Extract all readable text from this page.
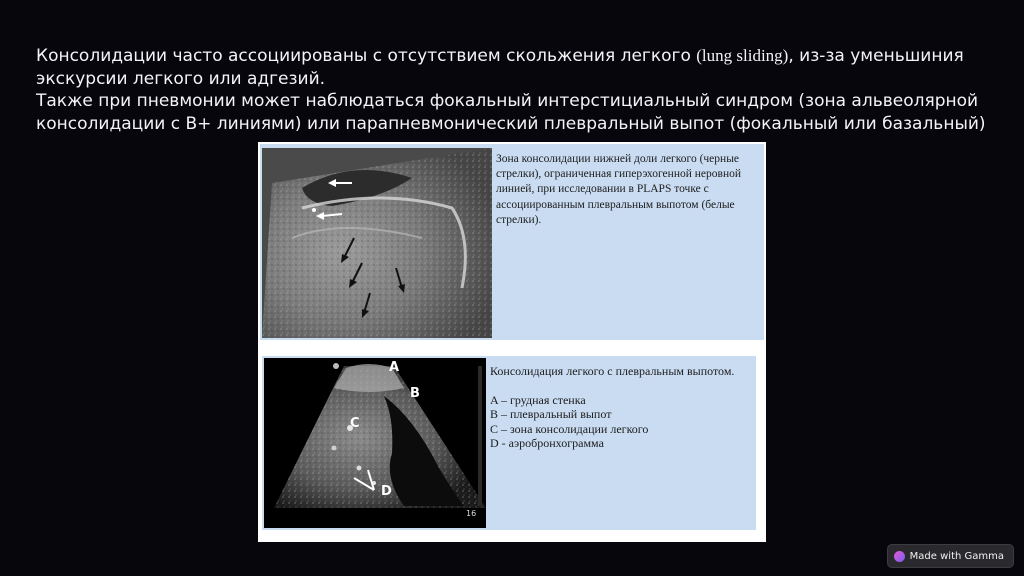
Консолидации часто ассоциированы с отсутствием скольжения легкого (lung sliding), из-за уменьшиния экскурсии легкого или адгезий.

Также при пневмонии может наблюдаться фокальный интерстициальный синдром (зона альвеолярной консолидации с B+ линиями) или парапневмонический плевральный выпот (фокальный или базальный)

Зона консолидации нижней доли легкого (черные стрелки), ограниченная гиперэхогенной неровной линией, при исследовании в PLAPS точке с ассоциированным плевральным выпотом (белые стрелки).
A
B
C
D
16
Консолидация легкого с плевральным выпотом.
A – грудная стенка
B – плевральный выпот
C – зона консолидации легкого
D - аэробронхограмма
Made with Gamma
